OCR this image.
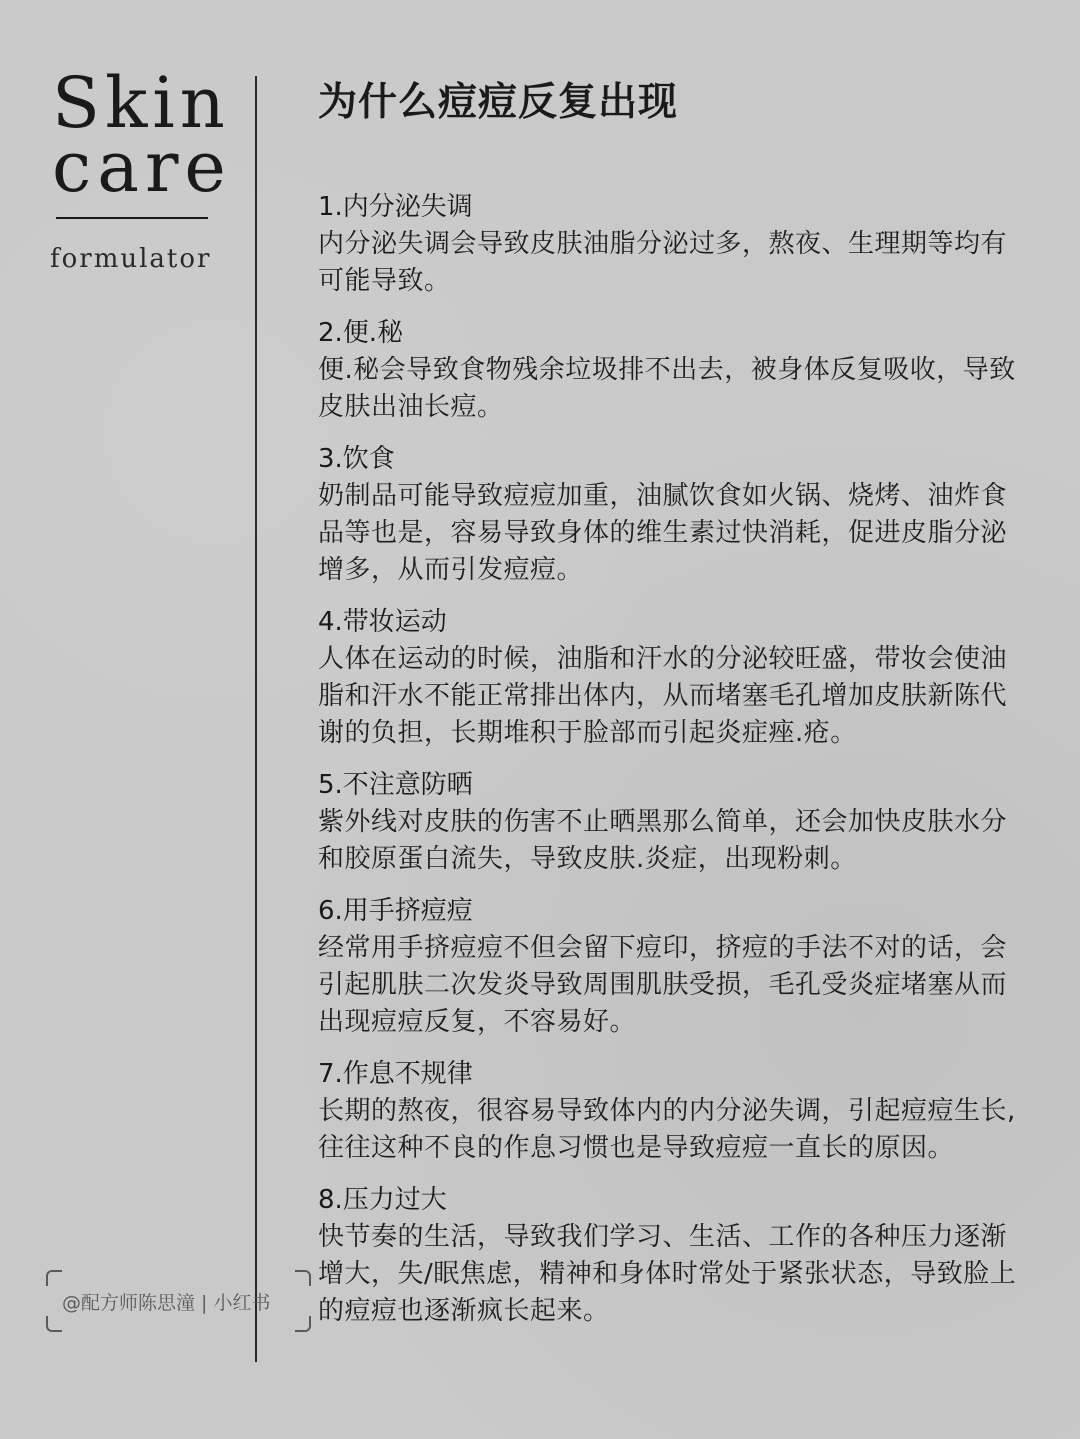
Skin
care
formulator
@配方师陈思潼 | 小红书
为什么痘痘反复出现
1.内分泌失调
内分泌失调会导致皮肤油脂分泌过多，熬夜、生理期等均有可能导致。
2.便.秘
便.秘会导致食物残余垃圾排不出去，被身体反复吸收，导致皮肤出油长痘。
3.饮食
奶制品可能导致痘痘加重，油腻饮食如火锅、烧烤、油炸食品等也是，容易导致身体的维生素过快消耗，促进皮脂分泌增多，从而引发痘痘。
4.带妆运动
人体在运动的时候，油脂和汗水的分泌较旺盛，带妆会使油脂和汗水不能正常排出体内，从而堵塞毛孔增加皮肤新陈代谢的负担，长期堆积于脸部而引起炎症痤.疮。
5.不注意防晒
紫外线对皮肤的伤害不止晒黑那么简单，还会加快皮肤水分和胶原蛋白流失，导致皮肤.炎症，出现粉刺。
6.用手挤痘痘
经常用手挤痘痘不但会留下痘印，挤痘的手法不对的话，会引起肌肤二次发炎导致周围肌肤受损，毛孔受炎症堵塞从而出现痘痘反复，不容易好。
7.作息不规律
长期的熬夜，很容易导致体内的内分泌失调，引起痘痘生长,往往这种不良的作息习惯也是导致痘痘一直长的原因。
8.压力过大
快节奏的生活，导致我们学习、生活、工作的各种压力逐渐增大，失/眠焦虑，精神和身体时常处于紧张状态，导致脸上的痘痘也逐渐疯长起来。
